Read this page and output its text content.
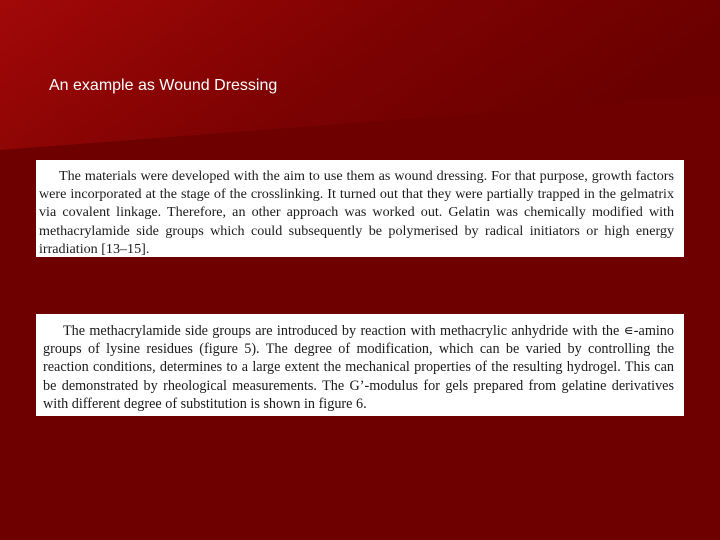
An example as Wound Dressing
The materials were developed with the aim to use them as wound dressing. For that purpose, growth factors were incorporated at the stage of the crosslinking. It turned out that they were partially trapped in the gelmatrix via covalent linkage. Therefore, an other approach was worked out. Gelatin was chemically modified with methacrylamide side groups which could subsequently be polymerised by radical initiators or high energy irradiation [13–15].
The methacrylamide side groups are introduced by reaction with methacrylic anhydride with the ∊-amino groups of lysine residues (figure 5). The degree of modification, which can be varied by controlling the reaction conditions, determines to a large extent the mechanical properties of the resulting hydrogel. This can be demonstrated by rheological measurements. The G’-modulus for gels prepared from gelatine derivatives with different degree of substitution is shown in figure 6.
